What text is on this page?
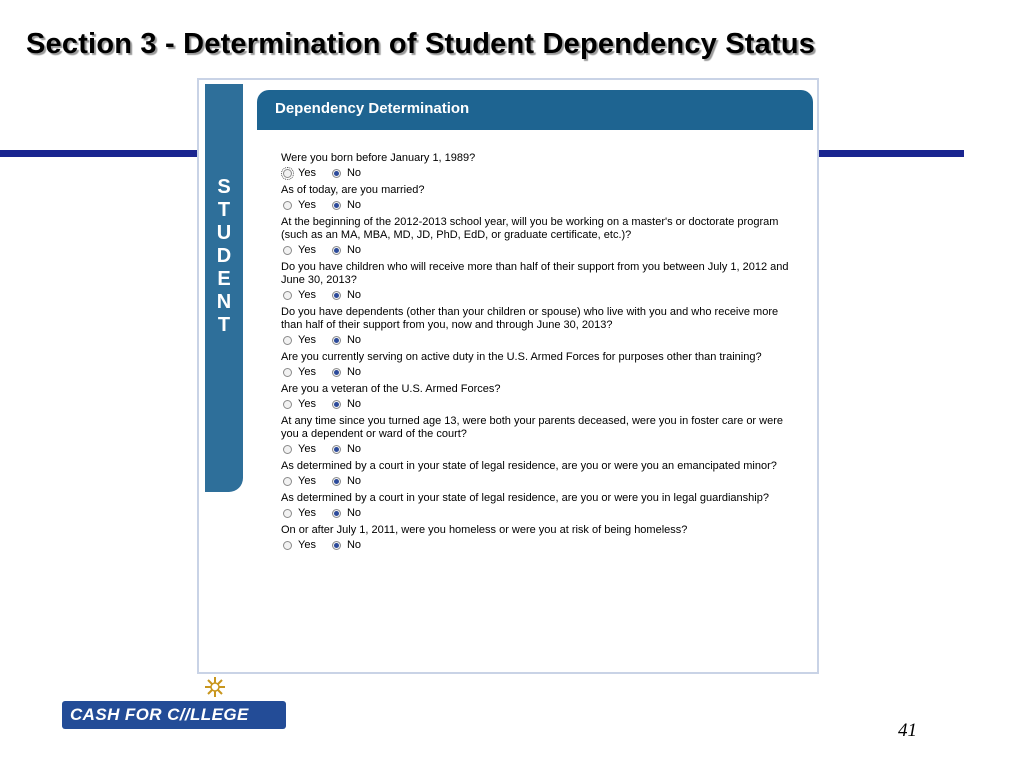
Section 3 - Determination of Student Dependency Status
S
T
U
D
E
N
T
Dependency Determination
Were you born before January 1, 1989?
Yes	No
As of today, are you married?
Yes	No
At the beginning of the 2012-2013 school year, will you be working on a master's or doctorate program (such as an MA, MBA, MD, JD, PhD, EdD, or graduate certificate, etc.)?
Yes	No
Do you have children who will receive more than half of their support from you between July 1, 2012 and June 30, 2013?
Yes	No
Do you have dependents (other than your children or spouse) who live with you and who receive more than half of their support from you, now and through June 30, 2013?
Yes	No
Are you currently serving on active duty in the U.S. Armed Forces for purposes other than training?
Yes	No
Are you a veteran of the U.S. Armed Forces?
Yes	No
At any time since you turned age 13, were both your parents deceased, were you in foster care or were you a dependent or ward of the court?
Yes	No
As determined by a court in your state of legal residence, are you or were you an emancipated minor?
Yes	No
As determined by a court in your state of legal residence, are you or were you in legal guardianship?
Yes	No
On or after July 1, 2011, were you homeless or were you at risk of being homeless?
Yes	No
CASH FOR C//LLEGE
41
